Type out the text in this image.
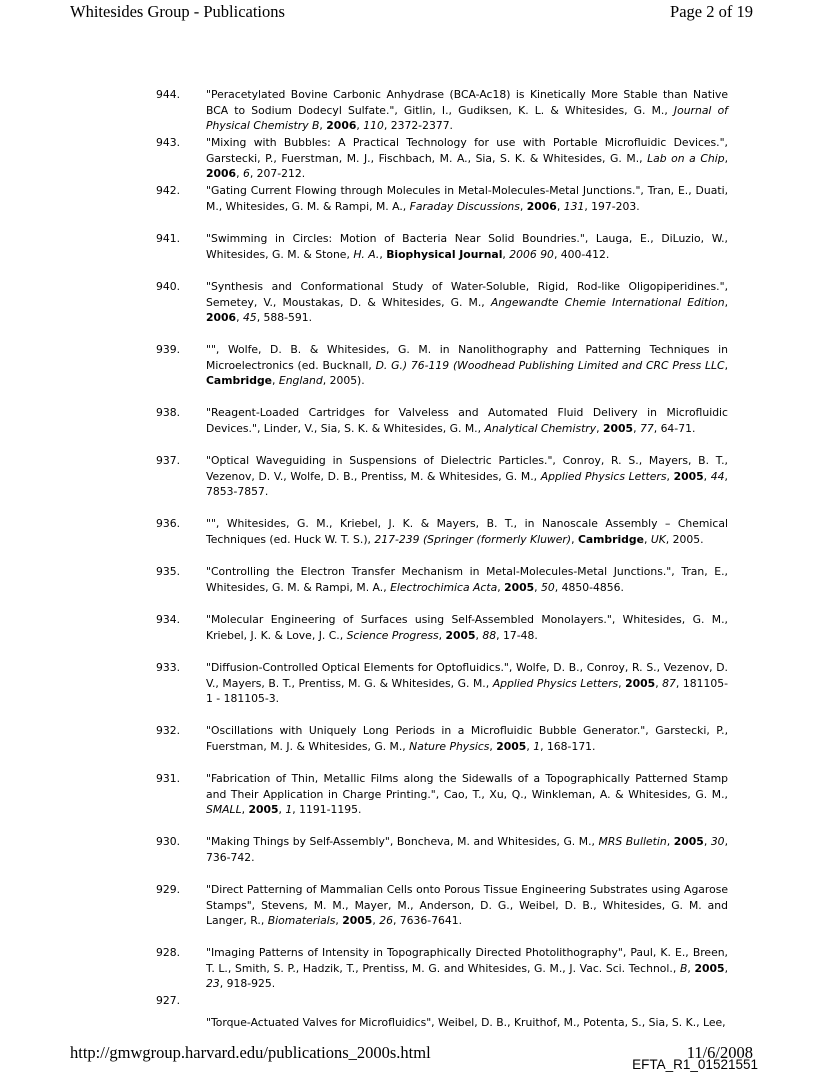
Whitesides Group - Publications	Page 2 of 19
944. "Peracetylated Bovine Carbonic Anhydrase (BCA-Ac18) is Kinetically More Stable than Native BCA to Sodium Dodecyl Sulfate.", Gitlin, I., Gudiksen, K. L. & Whitesides, G. M., Journal of Physical Chemistry B, 2006, 110, 2372-2377.
943. "Mixing with Bubbles: A Practical Technology for use with Portable Microfluidic Devices.", Garstecki, P., Fuerstman, M. J., Fischbach, M. A., Sia, S. K. & Whitesides, G. M., Lab on a Chip, 2006, 6, 207-212.
942. "Gating Current Flowing through Molecules in Metal-Molecules-Metal Junctions.", Tran, E., Duati, M., Whitesides, G. M. & Rampi, M. A., Faraday Discussions, 2006, 131, 197-203.
941. "Swimming in Circles: Motion of Bacteria Near Solid Boundries.", Lauga, E., DiLuzio, W., Whitesides, G. M. & Stone, H. A., Biophysical Journal, 2006 90, 400-412.
940. "Synthesis and Conformational Study of Water-Soluble, Rigid, Rod-like Oligopiperidines.", Semetey, V., Moustakas, D. & Whitesides, G. M., Angewandte Chemie International Edition, 2006, 45, 588-591.
939. "", Wolfe, D. B. & Whitesides, G. M. in Nanolithography and Patterning Techniques in Microelectronics (ed. Bucknall, D. G.) 76-119 (Woodhead Publishing Limited and CRC Press LLC, Cambridge, England, 2005).
938. "Reagent-Loaded Cartridges for Valveless and Automated Fluid Delivery in Microfluidic Devices.", Linder, V., Sia, S. K. & Whitesides, G. M., Analytical Chemistry, 2005, 77, 64-71.
937. "Optical Waveguiding in Suspensions of Dielectric Particles.", Conroy, R. S., Mayers, B. T., Vezenov, D. V., Wolfe, D. B., Prentiss, M. & Whitesides, G. M., Applied Physics Letters, 2005, 44, 7853-7857.
936. "", Whitesides, G. M., Kriebel, J. K. & Mayers, B. T., in Nanoscale Assembly – Chemical Techniques (ed. Huck W. T. S.), 217-239 (Springer (formerly Kluwer), Cambridge, UK, 2005.
935. "Controlling the Electron Transfer Mechanism in Metal-Molecules-Metal Junctions.", Tran, E., Whitesides, G. M. & Rampi, M. A., Electrochimica Acta, 2005, 50, 4850-4856.
934. "Molecular Engineering of Surfaces using Self-Assembled Monolayers.", Whitesides, G. M., Kriebel, J. K. & Love, J. C., Science Progress, 2005, 88, 17-48.
933. "Diffusion-Controlled Optical Elements for Optofluidics.", Wolfe, D. B., Conroy, R. S., Vezenov, D. V., Mayers, B. T., Prentiss, M. G. & Whitesides, G. M., Applied Physics Letters, 2005, 87, 181105-1 - 181105-3.
932. "Oscillations with Uniquely Long Periods in a Microfluidic Bubble Generator.", Garstecki, P., Fuerstman, M. J. & Whitesides, G. M., Nature Physics, 2005, 1, 168-171.
931. "Fabrication of Thin, Metallic Films along the Sidewalls of a Topographically Patterned Stamp and Their Application in Charge Printing.", Cao, T., Xu, Q., Winkleman, A. & Whitesides, G. M., SMALL, 2005, 1, 1191-1195.
930. "Making Things by Self-Assembly", Boncheva, M. and Whitesides, G. M., MRS Bulletin, 2005, 30, 736-742.
929. "Direct Patterning of Mammalian Cells onto Porous Tissue Engineering Substrates using Agarose Stamps", Stevens, M. M., Mayer, M., Anderson, D. G., Weibel, D. B., Whitesides, G. M. and Langer, R., Biomaterials, 2005, 26, 7636-7641.
928. "Imaging Patterns of Intensity in Topographically Directed Photolithography", Paul, K. E., Breen, T. L., Smith, S. P., Hadzik, T., Prentiss, M. G. and Whitesides, G. M., J. Vac. Sci. Technol., B, 2005, 23, 918-925.
927.
"Torque-Actuated Valves for Microfluidics", Weibel, D. B., Kruithof, M., Potenta, S., Sia, S. K., Lee,
http://gmwgroup.harvard.edu/publications_2000s.html	11/6/2008
EFTA_R1_01521551
